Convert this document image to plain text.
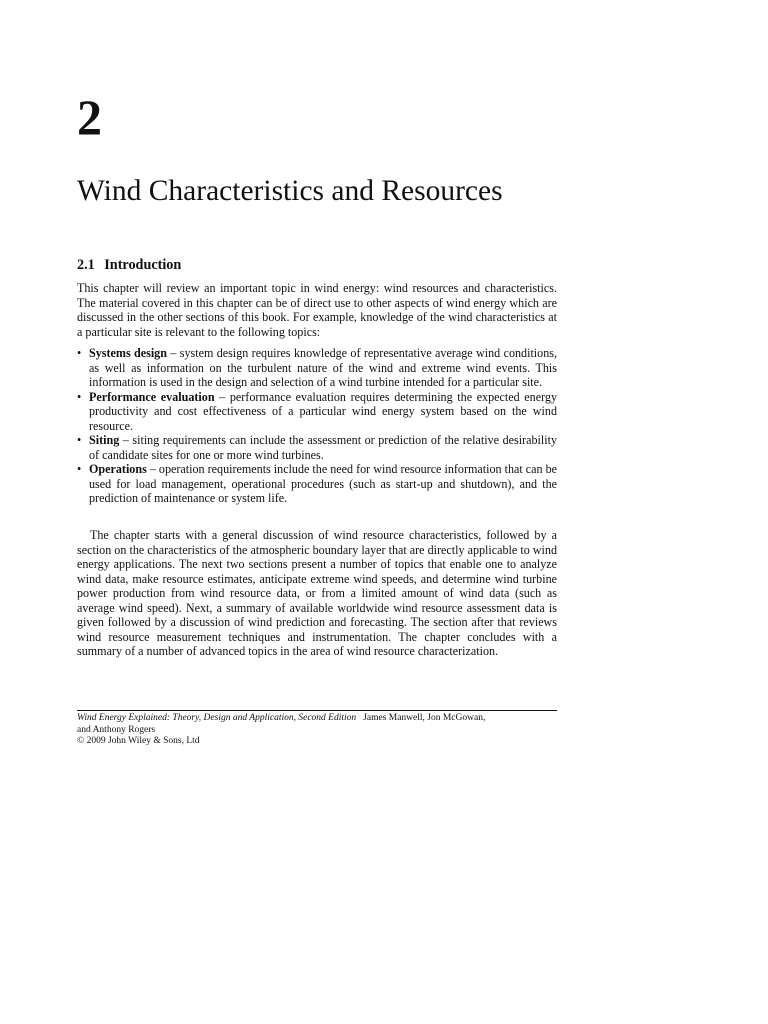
2
Wind Characteristics and Resources
2.1 Introduction

This chapter will review an important topic in wind energy: wind resources and characteristics. The material covered in this chapter can be of direct use to other aspects of wind energy which are discussed in the other sections of this book. For example, knowledge of the wind characteristics at a particular site is relevant to the following topics:

• Systems design – system design requires knowledge of representative average wind conditions, as well as information on the turbulent nature of the wind and extreme wind events. This information is used in the design and selection of a wind turbine intended for a particular site.
• Performance evaluation – performance evaluation requires determining the expected energy productivity and cost effectiveness of a particular wind energy system based on the wind resource.
• Siting – siting requirements can include the assessment or prediction of the relative desirability of candidate sites for one or more wind turbines.
• Operations – operation requirements include the need for wind resource information that can be used for load management, operational procedures (such as start-up and shutdown), and the prediction of maintenance or system life.

The chapter starts with a general discussion of wind resource characteristics, followed by a section on the characteristics of the atmospheric boundary layer that are directly applicable to wind energy applications. The next two sections present a number of topics that enable one to analyze wind data, make resource estimates, anticipate extreme wind speeds, and determine wind turbine power production from wind resource data, or from a limited amount of wind data (such as average wind speed). Next, a summary of available worldwide wind resource assessment data is given followed by a discussion of wind prediction and forecasting. The section after that reviews wind resource measurement techniques and instrumentation. The chapter concludes with a summary of a number of advanced topics in the area of wind resource characterization.

Wind Energy Explained: Theory, Design and Application, Second Edition James Manwell, Jon McGowan,
and Anthony Rogers
© 2009 John Wiley & Sons, Ltd
